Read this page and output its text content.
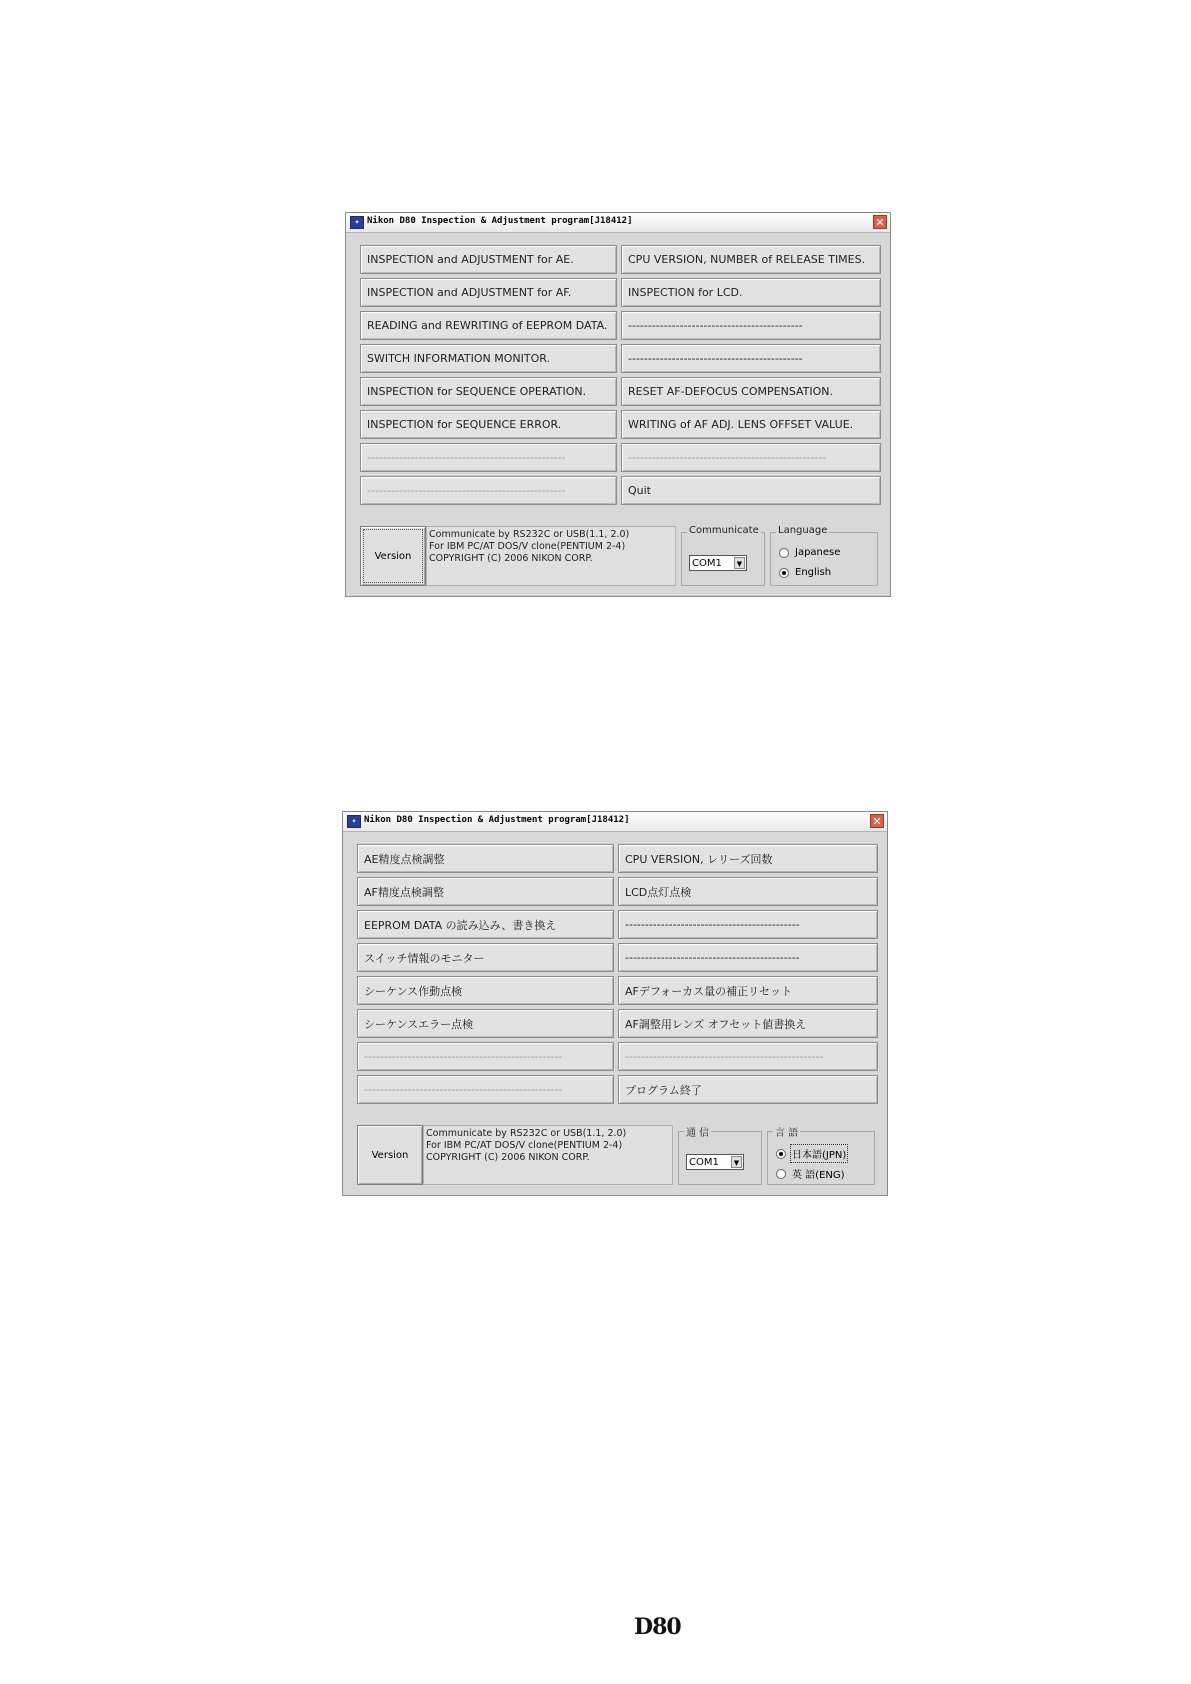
✦ Nikon D80 Inspection & Adjustment program[J18412]	✕
INSPECTION and ADJUSTMENT for AE.	CPU VERSION, NUMBER of RELEASE TIMES.
INSPECTION and ADJUSTMENT for AF.	INSPECTION for LCD.
READING and REWRITING of EEPROM DATA.	--------------------------------------------
SWITCH INFORMATION MONITOR.	--------------------------------------------
INSPECTION for SEQUENCE OPERATION.	RESET AF-DEFOCUS COMPENSATION.
INSPECTION for SEQUENCE ERROR.	WRITING of AF ADJ. LENS OFFSET VALUE.
--------------------------------------------------	--------------------------------------------------
--------------------------------------------------	Quit
Version
Communicate by RS232C or USB(1.1, 2.0)
For IBM PC/AT DOS/V clone(PENTIUM 2-4)
COPYRIGHT (C) 2006 NIKON CORP.
Communicate
COM1	▼
Language
Japanese
English
✦ Nikon D80 Inspection & Adjustment program[J18412]	✕
AE精度点検調整	CPU VERSION, レリーズ回数
AF精度点検調整	LCD点灯点検
EEPROM DATA の読み込み、書き換え	--------------------------------------------
スイッチ情報のモニター	--------------------------------------------
シーケンス作動点検	AFデフォーカス量の補正リセット
シーケンスエラー点検	AF調整用レンズ オフセット値書換え
--------------------------------------------------	--------------------------------------------------
--------------------------------------------------	プログラム終了
Version
Communicate by RS232C or USB(1.1, 2.0)
For IBM PC/AT DOS/V clone(PENTIUM 2-4)
COPYRIGHT (C) 2006 NIKON CORP.
通 信
COM1	▼
言 語
日本語(JPN)
英 語(ENG)
D80
